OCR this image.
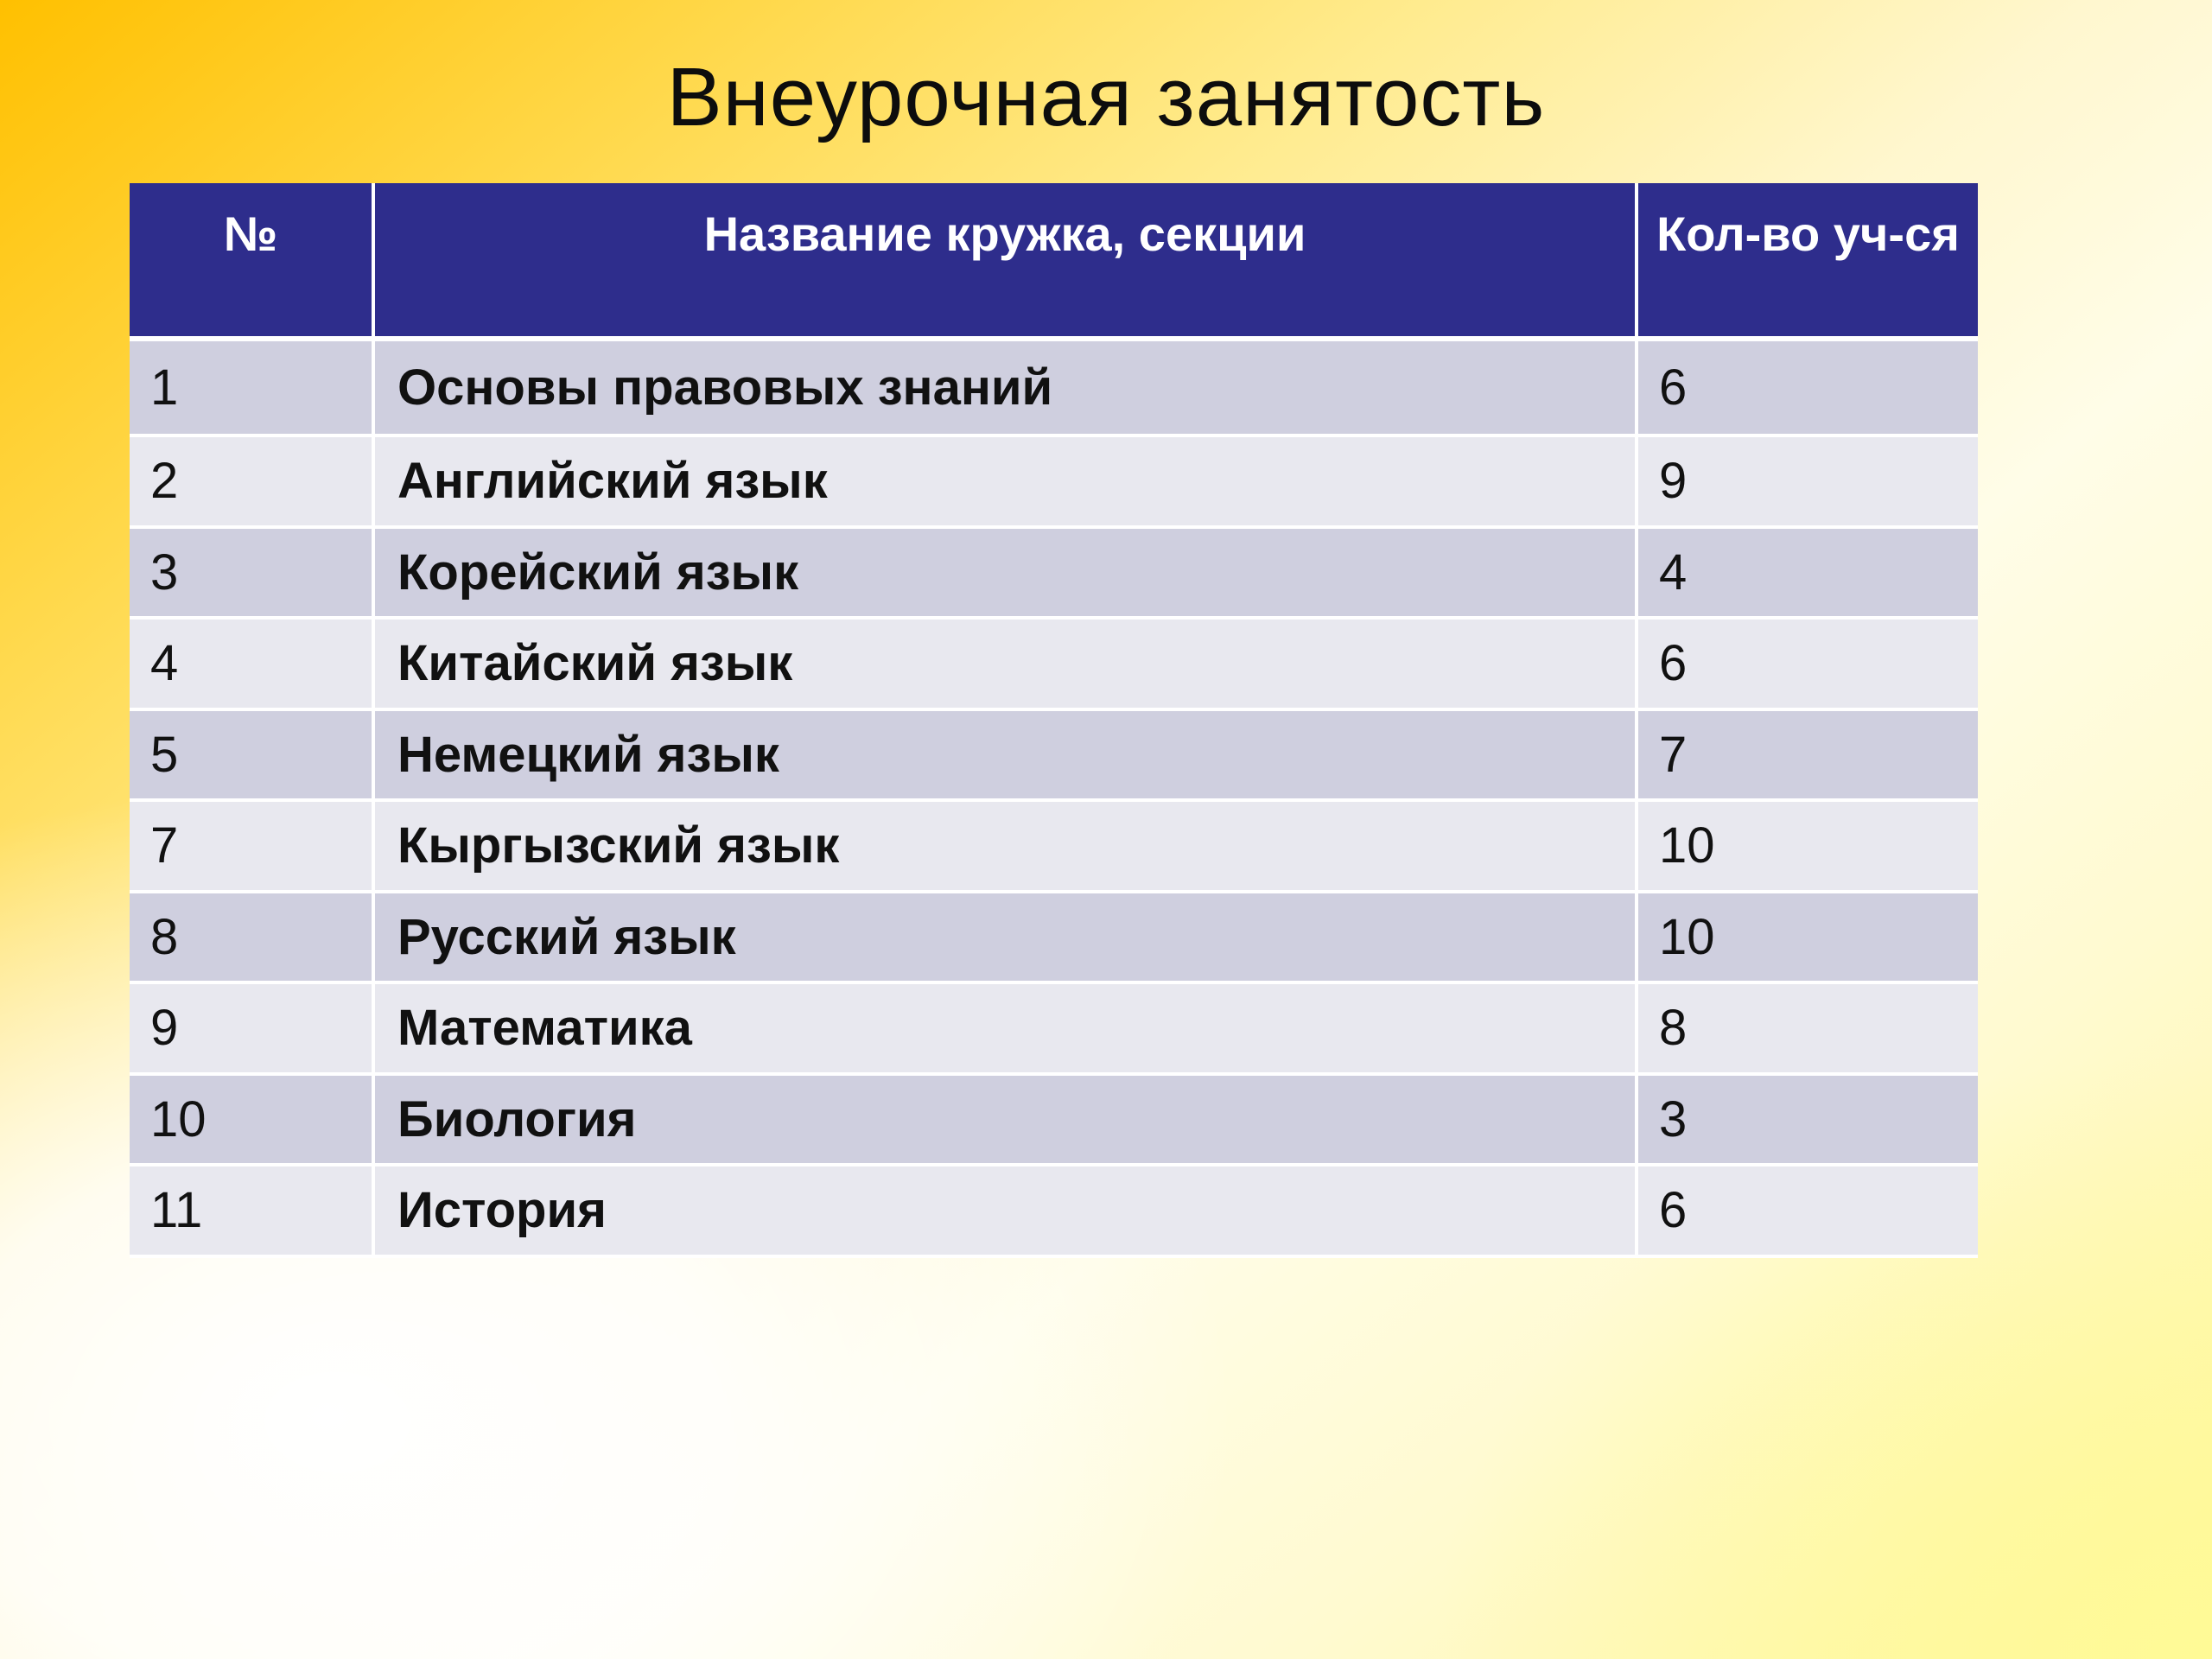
Внеурочная занятость
№	Название кружка, секции	Кол-во уч-ся
1	Основы правовых знаний	6
2	Английский язык	9
3	Корейский язык	4
4	Китайский язык	6
5	Немецкий язык	7
7	Кыргызский язык	10
8	Русский язык	10
9	Математика	8
10	Биология	3
11	История	6
